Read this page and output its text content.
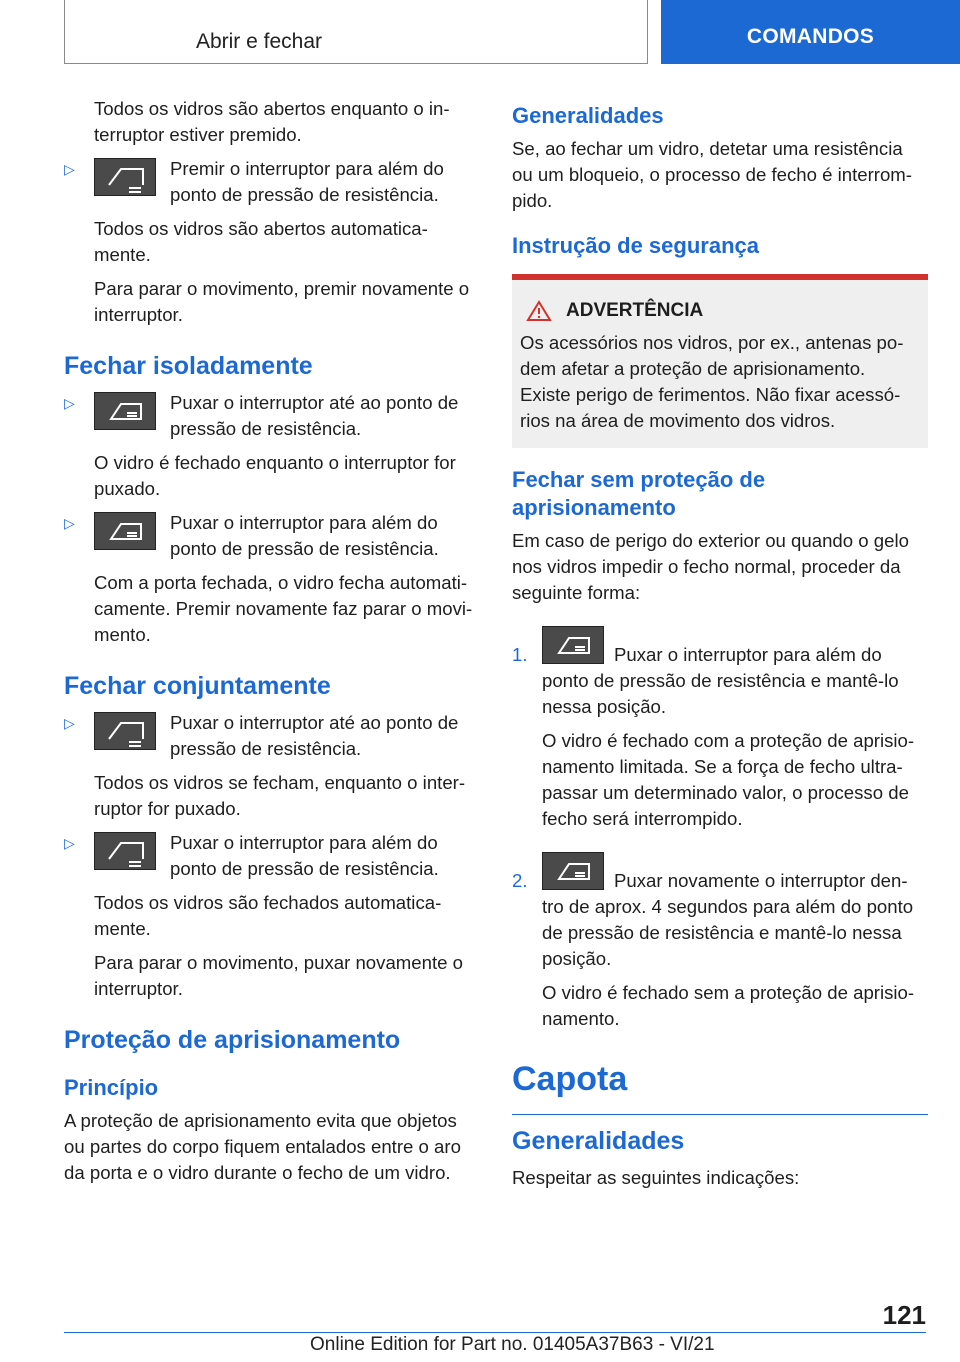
Abrir e fechar	COMANDOS

Todos os vidros são abertos enquanto o in-terruptor estiver premido.

▷	Premir o interruptor para além do ponto de pressão de resistência.

Todos os vidros são abertos automatica-mente.

Para parar o movimento, premir novamente o interruptor.

Fechar isoladamente
▷	Puxar o interruptor até ao ponto de pressão de resistência.

O vidro é fechado enquanto o interruptor for puxado.

▷	Puxar o interruptor para além do ponto de pressão de resistência.

Com a porta fechada, o vidro fecha automati-camente. Premir novamente faz parar o movi-mento.

Fechar conjuntamente
▷	Puxar o interruptor até ao ponto de pressão de resistência.

Todos os vidros se fecham, enquanto o inter-ruptor for puxado.

▷	Puxar o interruptor para além do ponto de pressão de resistência.

Todos os vidros são fechados automatica-mente.

Para parar o movimento, puxar novamente o interruptor.

Proteção de aprisionamento
Princípio

A proteção de aprisionamento evita que objetos ou partes do corpo fiquem entalados entre o aro da porta e o vidro durante o fecho de um vidro.

Generalidades

Se, ao fechar um vidro, detetar uma resistência ou um bloqueio, o processo de fecho é interrom-pido.

Instrução de segurança
ADVERTÊNCIA

Os acessórios nos vidros, por ex., antenas po-dem afetar a proteção de aprisionamento. Existe perigo de ferimentos. Não fixar acessó-rios na área de movimento dos vidros.

Fechar sem proteção de aprisionamento

Em caso de perigo do exterior ou quando o gelo nos vidros impedir o fecho normal, proceder da seguinte forma:

1.	Puxar o interruptor para além do ponto de pressão de resistência e mantê-lo nessa posição.

O vidro é fechado com a proteção de aprisio-namento limitada. Se a força de fecho ultra-passar um determinado valor, o processo de fecho será interrompido.

2.	Puxar novamente o interruptor den-tro de aprox. 4 segundos para além do ponto de pressão de resistência e mantê-lo nessa posição.

O vidro é fechado sem a proteção de aprisio-namento.

Capota
Generalidades

Respeitar as seguintes indicações:

121
Online Edition for Part no. 01405A37B63 - VI/21
